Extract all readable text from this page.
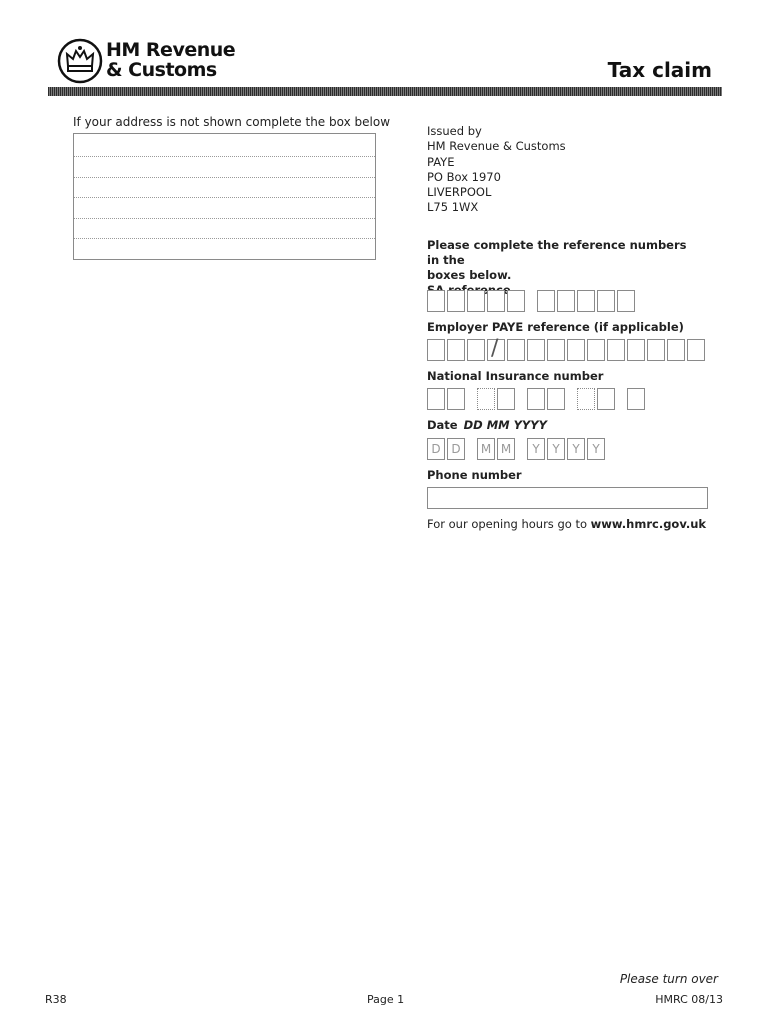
HM Revenue
& Customs	Tax claim
If your address is not shown complete the box below
Issued by
HM Revenue & Customs
PAYE
PO Box 1970
LIVERPOOL
L75 1WX
Please complete the reference numbers in the
boxes below.
Employer PAYE reference (if applicable)
/
National Insurance number
Date DD MM YYYY
D D	M M	Y	Y	Y	Y
Phone number
For our opening hours go to www.hmrc.gov.uk
Please turn over
R38	Page 1	HMRC 08/13
